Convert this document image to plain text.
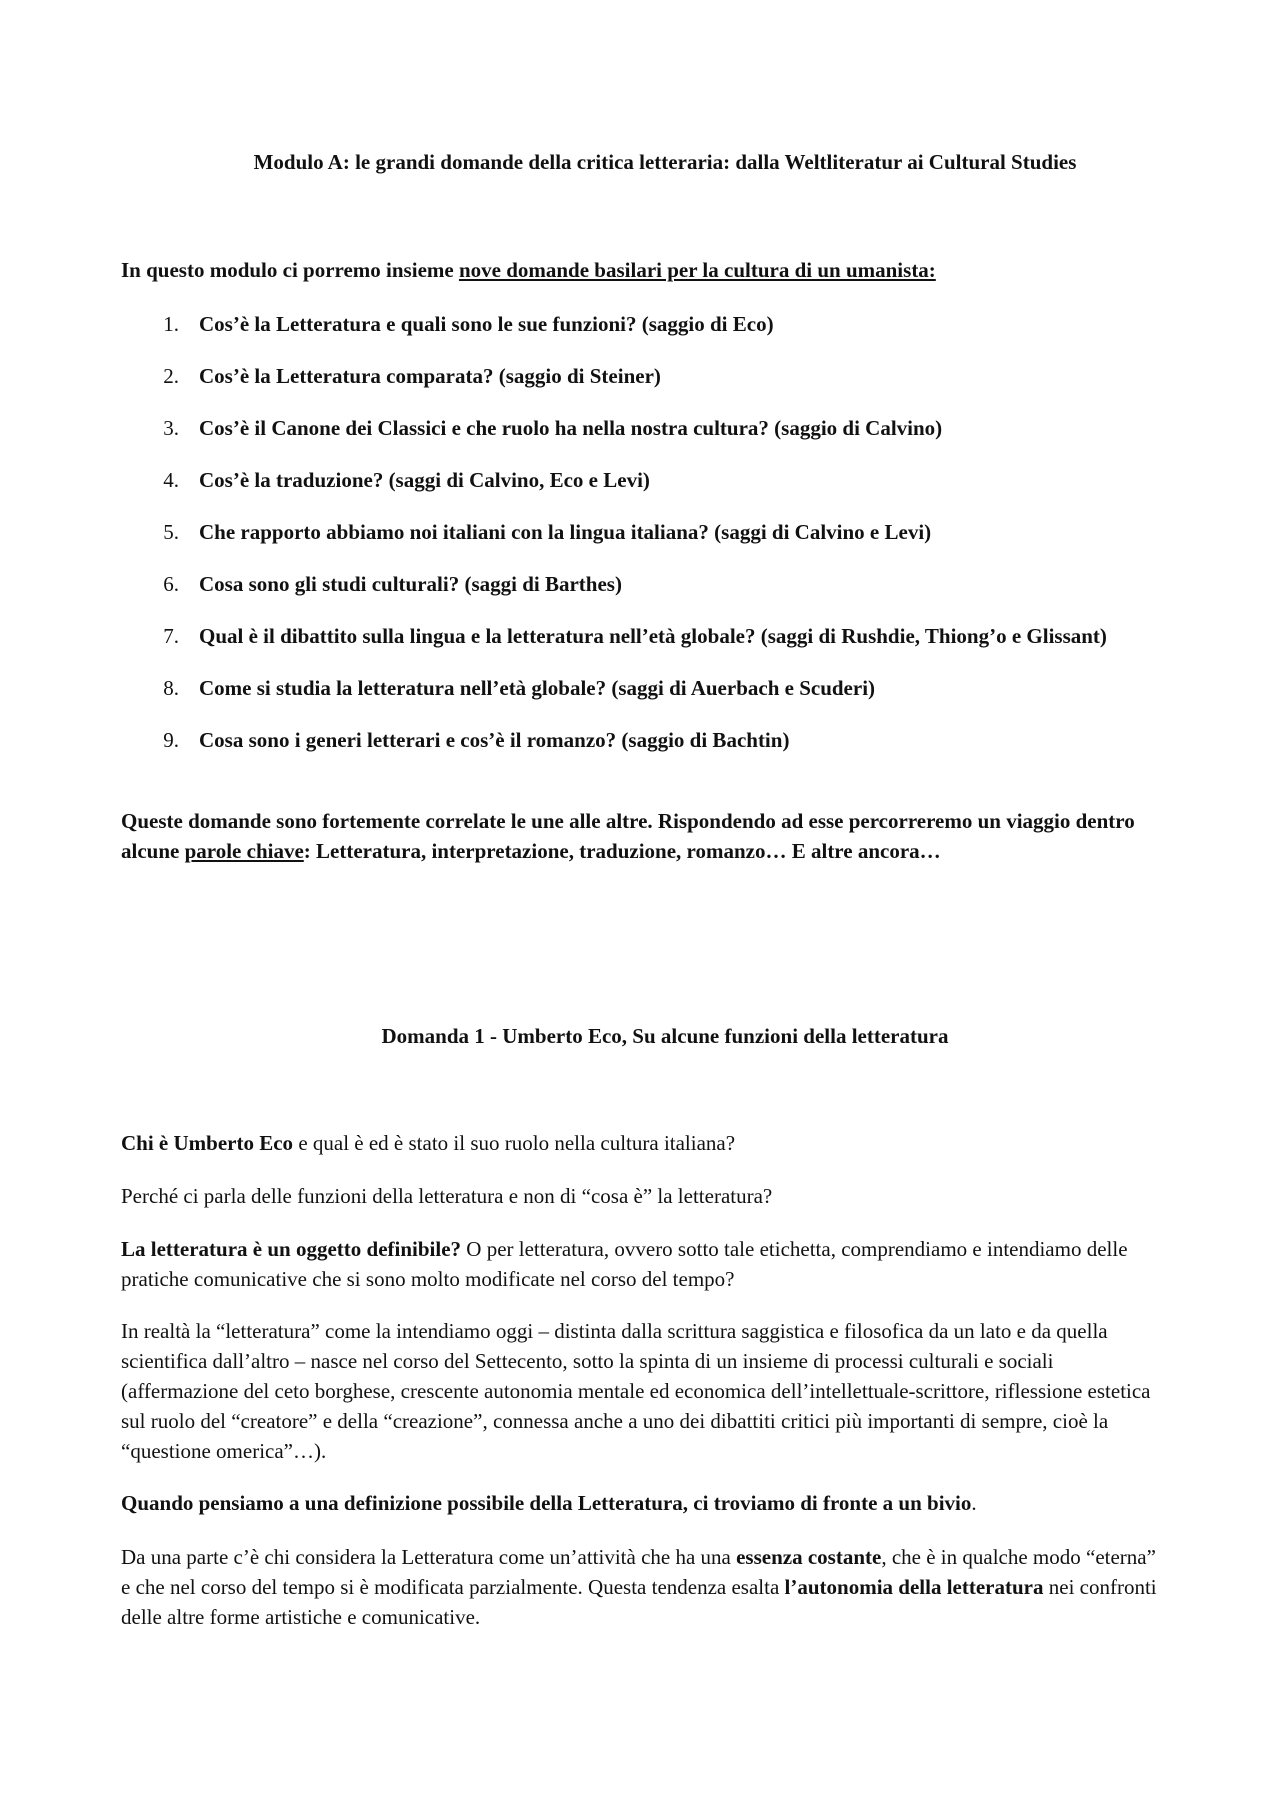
Modulo A: le grandi domande della critica letteraria: dalla Weltliteratur ai Cultural Studies

In questo modulo ci porremo insieme nove domande basilari per la cultura di un umanista:

1. Cos’è la Letteratura e quali sono le sue funzioni? (saggio di Eco)
2. Cos’è la Letteratura comparata? (saggio di Steiner)
3. Cos’è il Canone dei Classici e che ruolo ha nella nostra cultura? (saggio di Calvino)
4. Cos’è la traduzione? (saggi di Calvino, Eco e Levi)
5. Che rapporto abbiamo noi italiani con la lingua italiana? (saggi di Calvino e Levi)
6. Cosa sono gli studi culturali? (saggi di Barthes)
7. Qual è il dibattito sulla lingua e la letteratura nell’età globale? (saggi di Rushdie, Thiong’o e Glissant)
8. Come si studia la letteratura nell’età globale? (saggi di Auerbach e Scuderi)
9. Cosa sono i generi letterari e cos’è il romanzo? (saggio di Bachtin)

Queste domande sono fortemente correlate le une alle altre. Rispondendo ad esse percorreremo un viaggio dentro alcune parole chiave: Letteratura, interpretazione, traduzione, romanzo… E altre ancora…

Domanda 1 - Umberto Eco, Su alcune funzioni della letteratura

Chi è Umberto Eco e qual è ed è stato il suo ruolo nella cultura italiana?

Perché ci parla delle funzioni della letteratura e non di “cosa è” la letteratura?

La letteratura è un oggetto definibile? O per letteratura, ovvero sotto tale etichetta, comprendiamo e intendiamo delle pratiche comunicative che si sono molto modificate nel corso del tempo?

In realtà la “letteratura” come la intendiamo oggi – distinta dalla scrittura saggistica e filosofica da un lato e da quella scientifica dall’altro – nasce nel corso del Settecento, sotto la spinta di un insieme di processi culturali e sociali (affermazione del ceto borghese, crescente autonomia mentale ed economica dell’intellettuale-scrittore, riflessione estetica sul ruolo del “creatore” e della “creazione”, connessa anche a uno dei dibattiti critici più importanti di sempre, cioè la “questione omerica”…).

Quando pensiamo a una definizione possibile della Letteratura, ci troviamo di fronte a un bivio.

Da una parte c’è chi considera la Letteratura come un’attività che ha una essenza costante, che è in qualche modo “eterna” e che nel corso del tempo si è modificata parzialmente. Questa tendenza esalta l’autonomia della letteratura nei confronti delle altre forme artistiche e comunicative.
